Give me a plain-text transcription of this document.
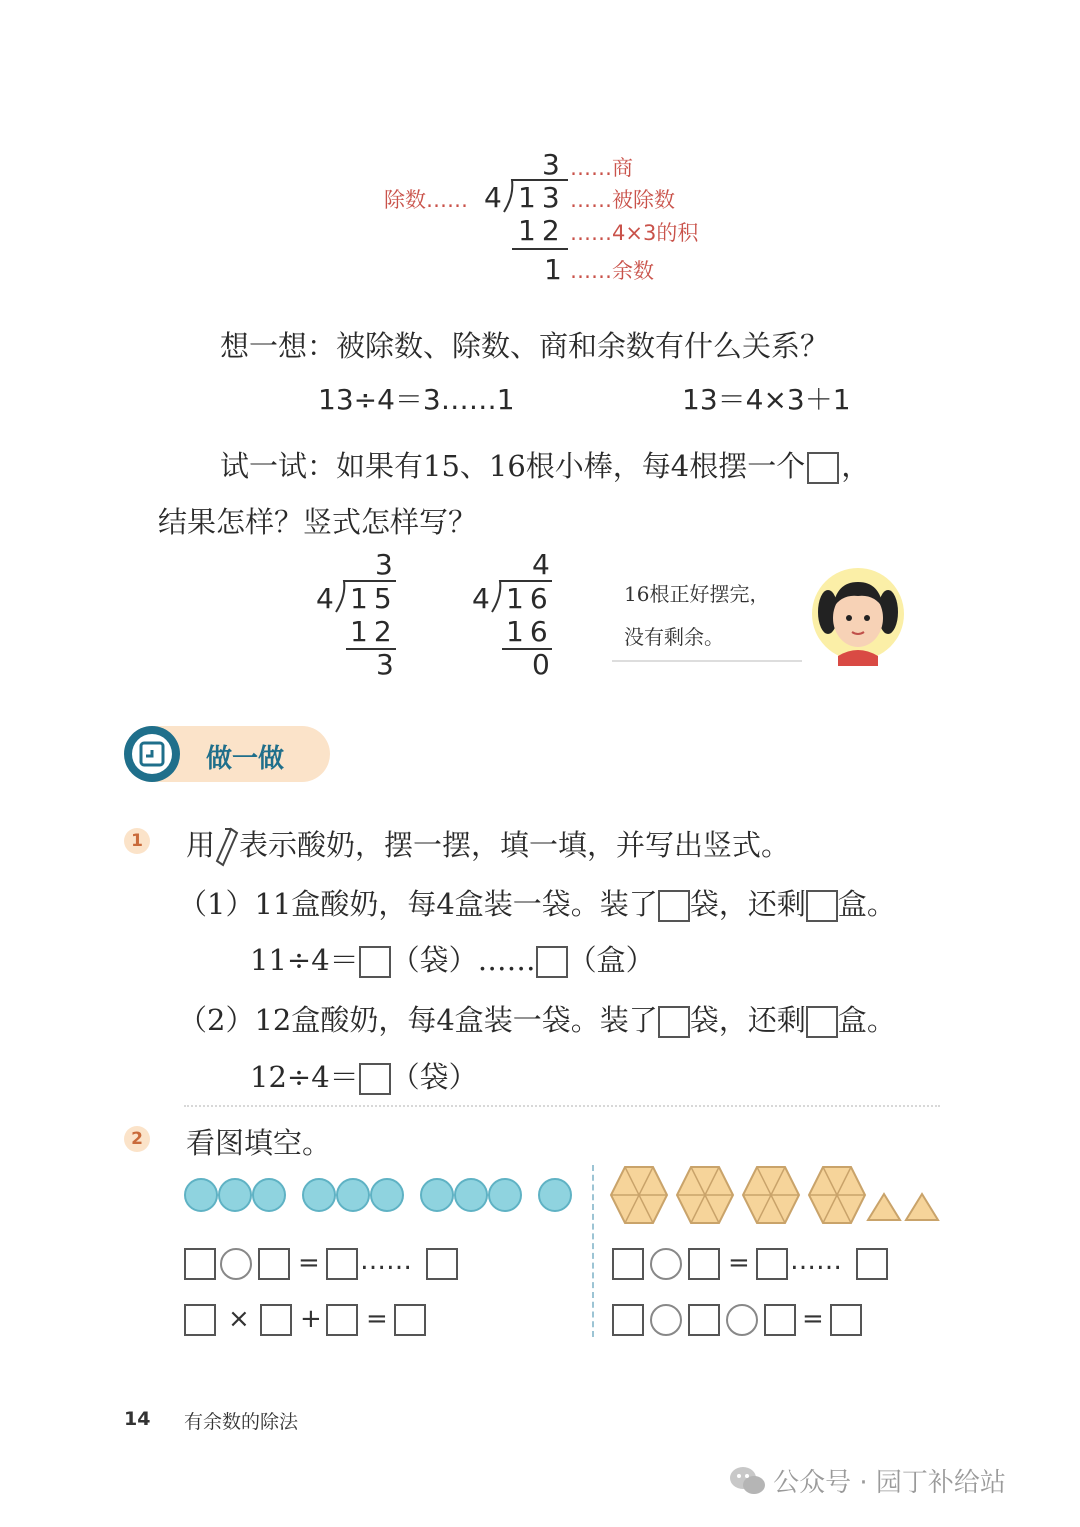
3 ……商
除数…… 4 13 ……被除数
12 ……4×3的积
1 ……余数
想一想：被除数、除数、商和余数有什么关系？
13÷4＝3……1	13＝4×3＋1
试一试：如果有15、16根小棒，每4根摆一个 ，
结果怎样？竖式怎样写？
3
4 15
12
3
4
4 16
16
0
16根正好摆完，
没有剩余。
做一做
1 用 表示酸奶，摆一摆，填一填，并写出竖式。
（1）11盒酸奶，每4盒装一袋。装了 袋，还剩 盒。
11÷4＝ （袋）…… （盒）
（2）12盒酸奶，每4盒装一袋。装了 袋，还剩 盒。
12÷4＝ （袋）
2 看图填空。
= ……
× + =
= ……
=
14 有余数的除法
公众号 · 园丁补给站
